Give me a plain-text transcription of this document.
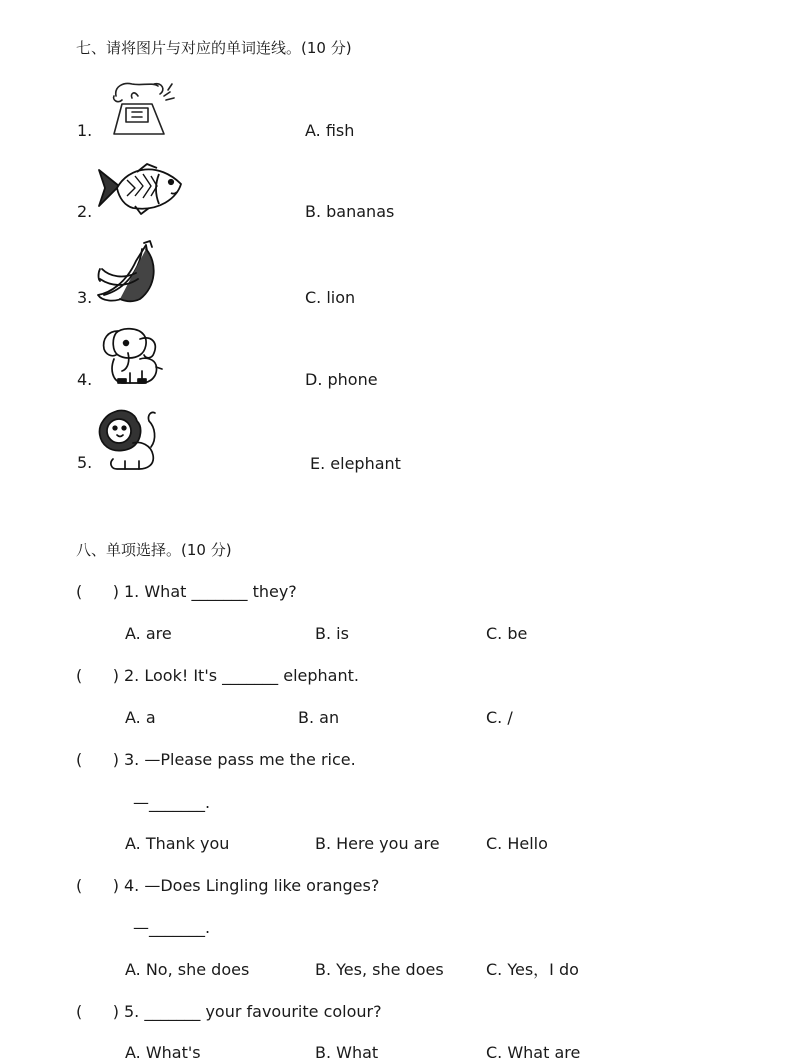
七、请将图片与对应的单词连线。(10 分)
1.	A. fish
2.	B. bananas
3.	C. lion
4.	D. phone
5.	E. elephant
八、单项选择。(10 分)
(      ) 1. What _______ they?
A. are	B. is	C. be
(      ) 2. Look! It's _______ elephant.
A. a	B. an	C. /
(      ) 3. —Please pass me the rice.
—_______.
A. Thank you	B. Here you are	C. Hello
(      ) 4. —Does Lingling like oranges?
—_______.
A. No, she does	B. Yes, she does	C. Yes，I do
(      ) 5. _______ your favourite colour?
A. What's	B. What	C. What are
